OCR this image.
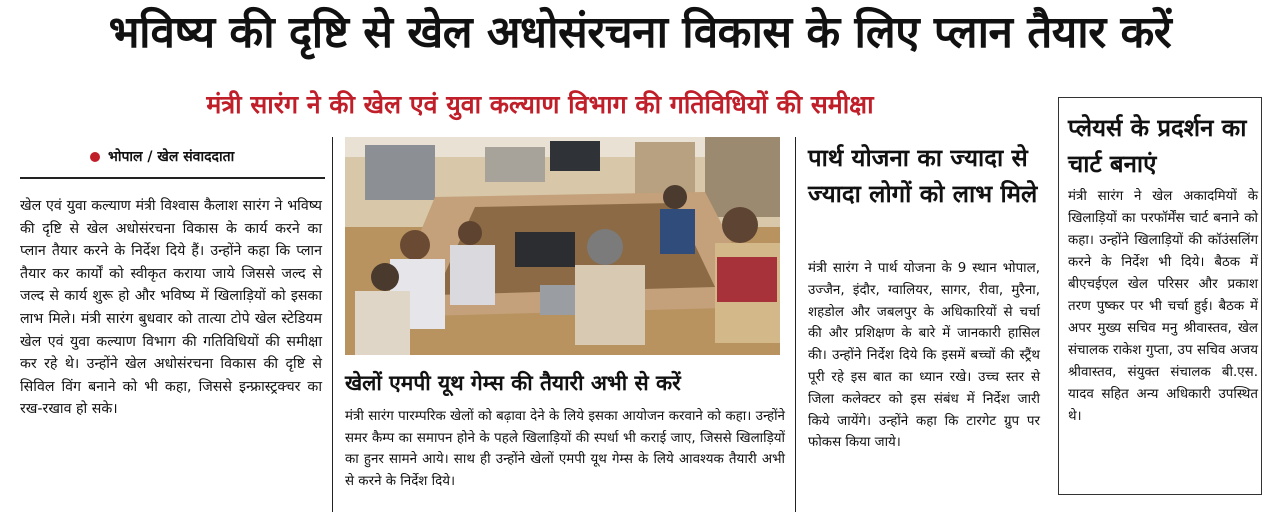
भविष्य की दृष्टि से खेल अधोसंरचना विकास के लिए प्लान तैयार करें
मंत्री सारंग ने की खेल एवं युवा कल्याण विभाग की गतिविधियों की समीक्षा
भोपाल / खेल संवाददाता
खेल एवं युवा कल्याण मंत्री विश्वास कैलाश सारंग ने भविष्य की दृष्टि से खेल अधोसंरचना विकास के कार्य करने का प्लान तैयार करने के निर्देश दिये हैं। उन्होंने कहा कि प्लान तैयार कर कार्यों को स्वीकृत कराया जाये जिससे जल्द से जल्द से कार्य शुरू हो और भविष्य में खिलाड़ियों को इसका लाभ मिले। मंत्री सारंग बुधवार को तात्या टोपे खेल स्टेडियम खेल एवं युवा कल्याण विभाग की गतिविधियों की समीक्षा कर रहे थे। उन्होंने खेल अधोसंरचना विकास की दृष्टि से सिविल विंग बनाने को भी कहा, जिससे इन्फ्रास्ट्रक्चर का रख-रखाव हो सके।
खेलों एमपी यूथ गेम्स की तैयारी अभी से करें
मंत्री सारंग पारम्परिक खेलों को बढ़ावा देने के लिये इसका आयोजन करवाने को कहा। उन्होंने समर कैम्प का समापन होने के पहले खिलाड़ियों की स्पर्धा भी कराई जाए, जिससे खिलाड़ियों का हुनर सामने आये। साथ ही उन्होंने खेलों एमपी यूथ गेम्स के लिये आवश्यक तैयारी अभी से करने के निर्देश दिये।
पार्थ योजना का ज्यादा से ज्यादा लोगों को लाभ मिले
मंत्री सारंग ने पार्थ योजना के 9 स्थान भोपाल, उज्जैन, इंदौर, ग्वालियर, सागर, रीवा, मुरैना, शहडोल और जबलपुर के अधिकारियों से चर्चा की और प्रशिक्षण के बारे में जानकारी हासिल की। उन्होंने निर्देश दिये कि इसमें बच्चों की स्ट्रैंथ पूरी रहे इस बात का ध्यान रखे। उच्च स्तर से जिला कलेक्टर को इस संबंध में निर्देश जारी किये जायेंगे। उन्होंने कहा कि टारगेट ग्रुप पर फोकस किया जाये।
प्लेयर्स के प्रदर्शन का चार्ट बनाएं
मंत्री सारंग ने खेल अकादमियों के खिलाड़ियों का परफॉर्मेंस चार्ट बनाने को कहा। उन्होंने खिलाड़ियों की कॉउंसलिंग करने के निर्देश भी दिये। बैठक में बीएचईएल खेल परिसर और प्रकाश तरण पुष्कर पर भी चर्चा हुई। बैठक में अपर मुख्य सचिव मनु श्रीवास्तव, खेल संचालक राकेश गुप्ता, उप सचिव अजय श्रीवास्तव, संयुक्त संचालक बी.एस. यादव सहित अन्य अधिकारी उपस्थित थे।
